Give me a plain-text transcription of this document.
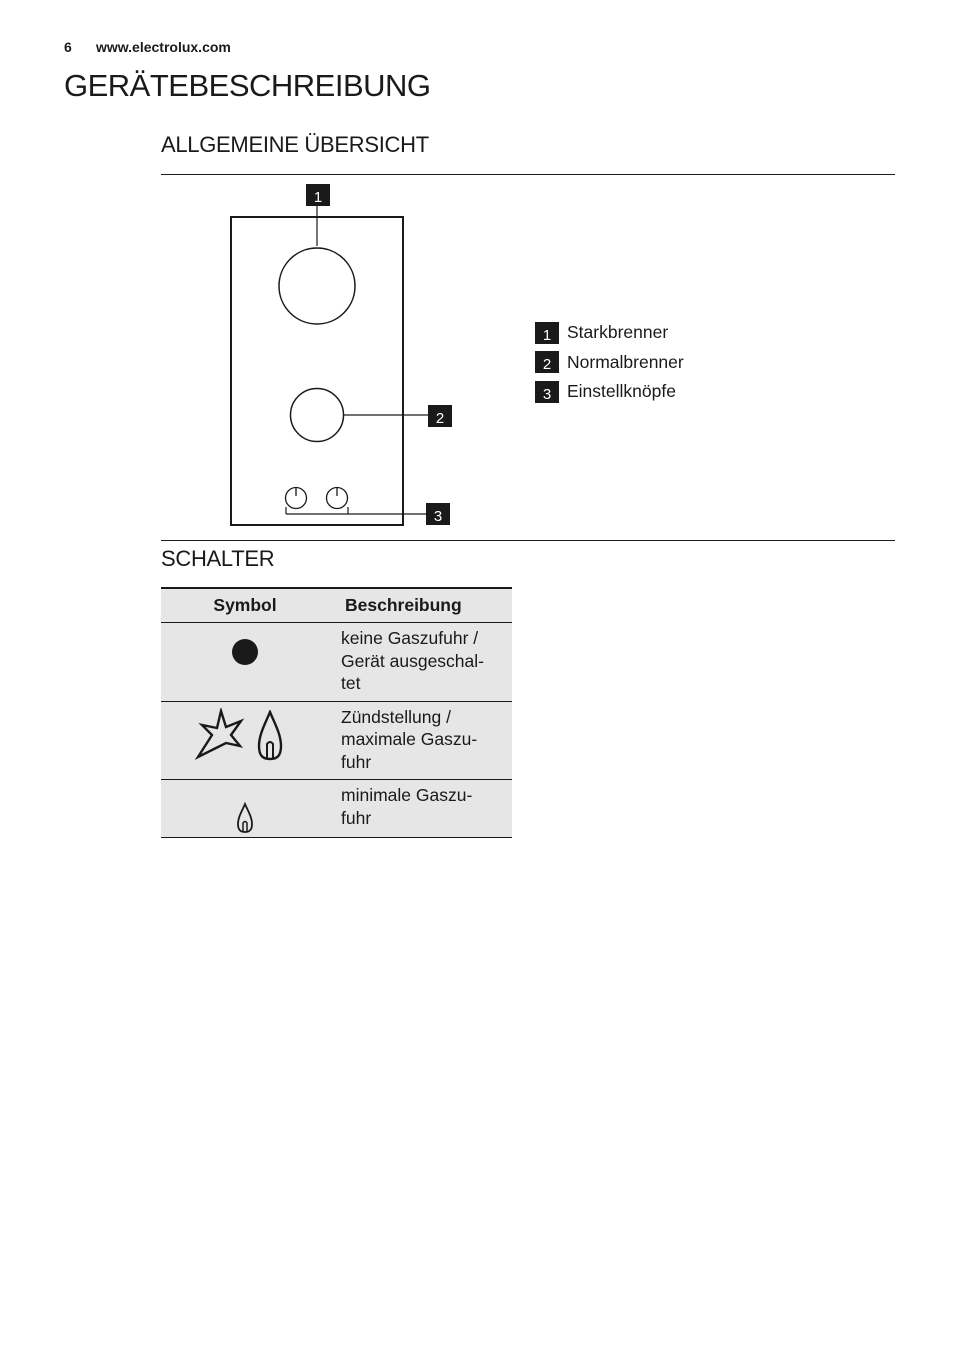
6 www.electrolux.com
GERÄTEBESCHREIBUNG
ALLGEMEINE ÜBERSICHT
1
2
3
1 Starkbrenner
2 Normalbrenner
3 Einstellknöpfe
SCHALTER
Symbol	Beschreibung

keine Gaszufuhr /
Gerät ausgeschal-
tet

Zündstellung /
maximale Gaszu-
fuhr

minimale Gaszu-
fuhr
